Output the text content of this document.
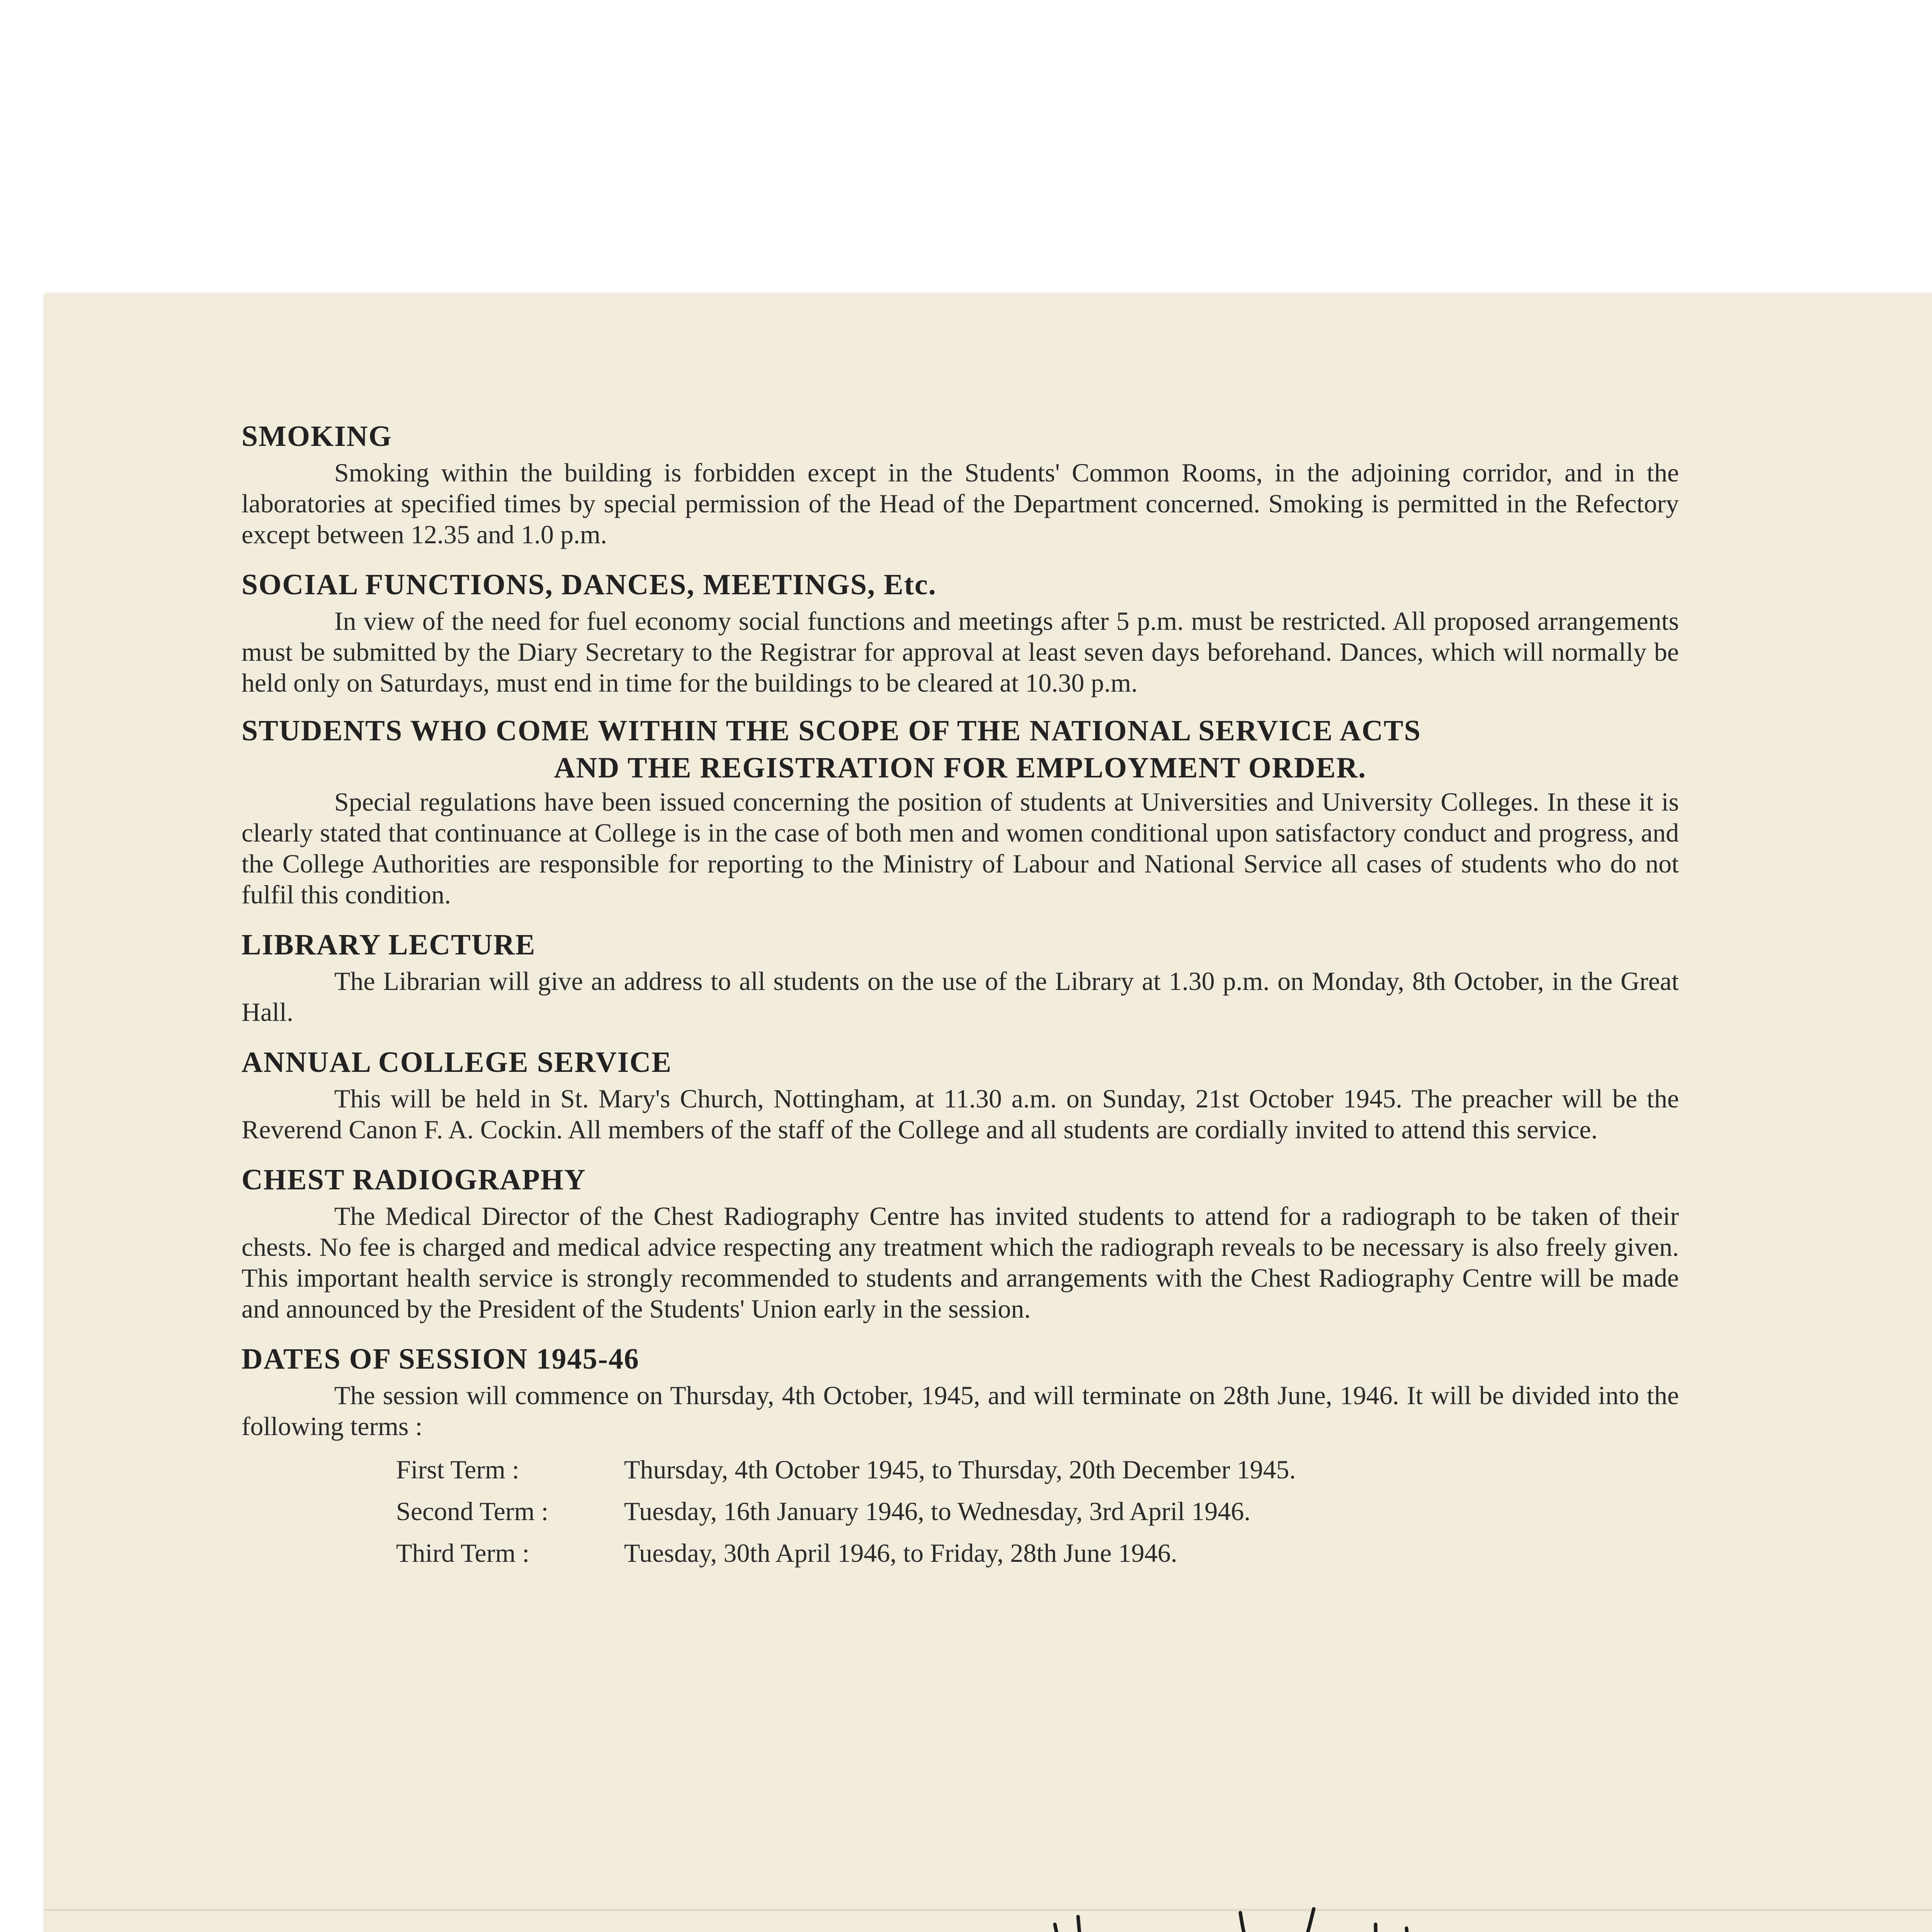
SMOKING

Smoking within the building is forbidden except in the Students' Common Rooms, in the adjoining corridor, and in the laboratories at specified times by special permission of the Head of the Department concerned. Smoking is permitted in the Refectory except between 12.35 and 1.0 p.m.

SOCIAL FUNCTIONS, DANCES, MEETINGS, Etc.

In view of the need for fuel economy social functions and meetings after 5 p.m. must be restricted. All proposed arrangements must be submitted by the Diary Secretary to the Registrar for approval at least seven days beforehand. Dances, which will normally be held only on Saturdays, must end in time for the buildings to be cleared at 10.30 p.m.

STUDENTS WHO COME WITHIN THE SCOPE OF THE NATIONAL SERVICE ACTS

AND THE REGISTRATION FOR EMPLOYMENT ORDER.

Special regulations have been issued concerning the position of students at Universities and University Colleges. In these it is clearly stated that continuance at College is in the case of both men and women conditional upon satisfactory conduct and progress, and the College Authorities are responsible for reporting to the Ministry of Labour and National Service all cases of students who do not fulfil this condition.

LIBRARY LECTURE

The Librarian will give an address to all students on the use of the Library at 1.30 p.m. on Monday, 8th October, in the Great Hall.

ANNUAL COLLEGE SERVICE

This will be held in St. Mary's Church, Nottingham, at 11.30 a.m. on Sunday, 21st October 1945. The preacher will be the Reverend Canon F. A. Cockin. All members of the staff of the College and all students are cordially invited to attend this service.

CHEST RADIOGRAPHY

The Medical Director of the Chest Radiography Centre has invited students to attend for a radiograph to be taken of their chests. No fee is charged and medical advice respecting any treatment which the radiograph reveals to be necessary is also freely given. This important health service is strongly recommended to students and arrangements with the Chest Radiography Centre will be made and announced by the President of the Students' Union early in the session.

DATES OF SESSION 1945-46

The session will commence on Thursday, 4th October, 1945, and will terminate on 28th June, 1946. It will be divided into the following terms :

First Term :	Thursday, 4th October 1945, to Thursday, 20th December 1945.
Second Term :	Tuesday, 16th January 1946, to Wednesday, 3rd April 1946.
Third Term :	Tuesday, 30th April 1946, to Friday, 28th June 1946.
